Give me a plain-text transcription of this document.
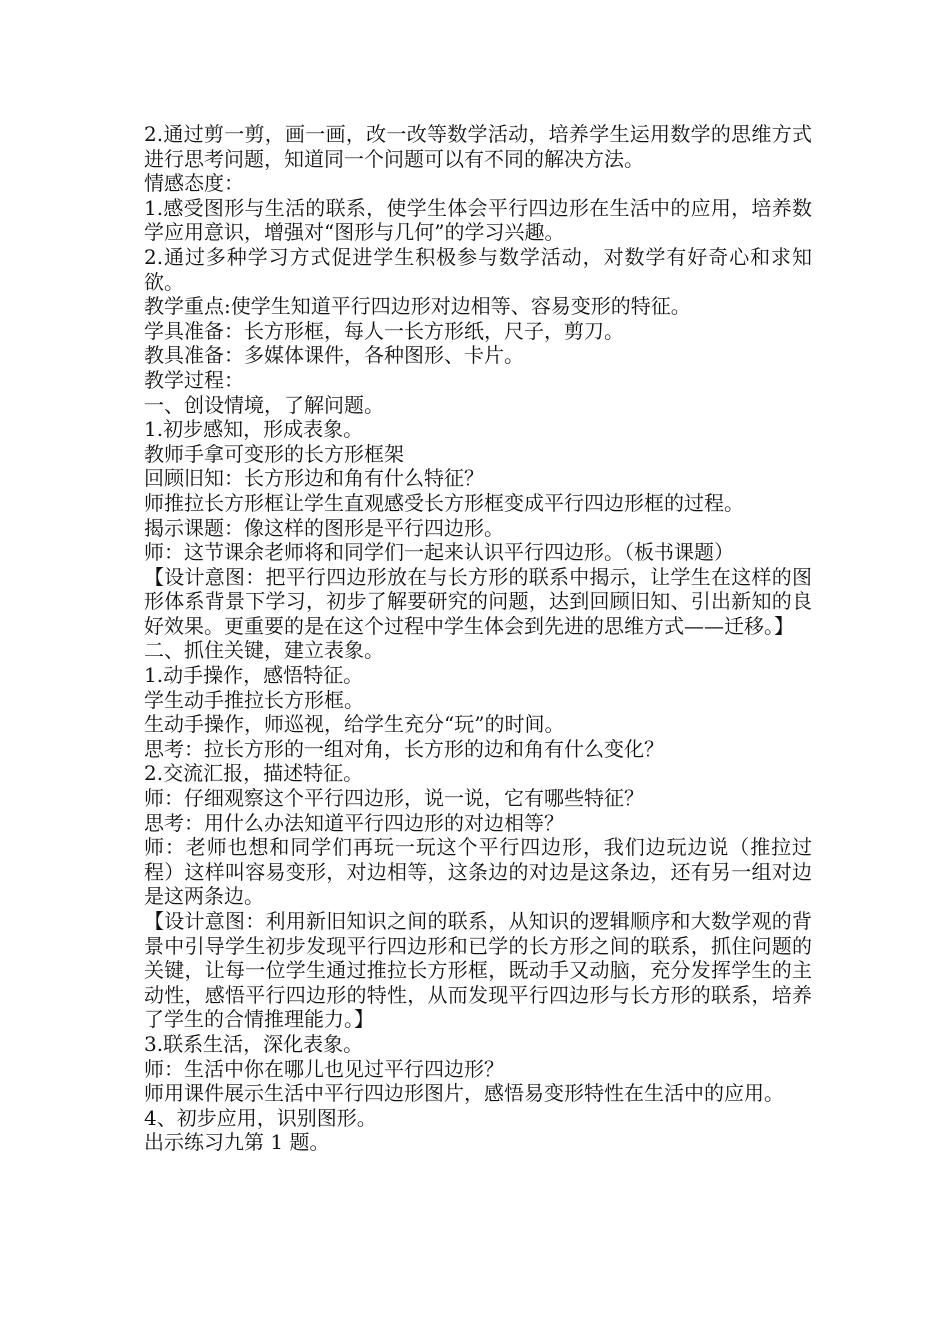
2.通过剪一剪，画一画，改一改等数学活动，培养学生运用数学的思维方式进行思考问题，知道同一个问题可以有不同的解决方法。

情感态度：

1.感受图形与生活的联系，使学生体会平行四边形在生活中的应用，培养数学应用意识，增强对“图形与几何”的学习兴趣。

2.通过多种学习方式促进学生积极参与数学活动，对数学有好奇心和求知欲。

教学重点:使学生知道平行四边形对边相等、容易变形的特征。

学具准备：长方形框，每人一长方形纸，尺子，剪刀。

教具准备：多媒体课件，各种图形、卡片。

教学过程：

一、创设情境，了解问题。

1.初步感知，形成表象。

教师手拿可变形的长方形框架

回顾旧知：长方形边和角有什么特征？

师推拉长方形框让学生直观感受长方形框变成平行四边形框的过程。

揭示课题：像这样的图形是平行四边形。

师：这节课余老师将和同学们一起来认识平行四边形。（板书课题）

【设计意图：把平行四边形放在与长方形的联系中揭示，让学生在这样的图形体系背景下学习，初步了解要研究的问题，达到回顾旧知、引出新知的良好效果。更重要的是在这个过程中学生体会到先进的思维方式——迁移。】

二、抓住关键，建立表象。

1.动手操作，感悟特征。

学生动手推拉长方形框。

生动手操作，师巡视，给学生充分“玩”的时间。

思考：拉长方形的一组对角，长方形的边和角有什么变化？

2.交流汇报，描述特征。

师：仔细观察这个平行四边形，说一说，它有哪些特征？

思考：用什么办法知道平行四边形的对边相等？

师：老师也想和同学们再玩一玩这个平行四边形，我们边玩边说（推拉过程）这样叫容易变形，对边相等，这条边的对边是这条边，还有另一组对边是这两条边。

【设计意图：利用新旧知识之间的联系，从知识的逻辑顺序和大数学观的背景中引导学生初步发现平行四边形和已学的长方形之间的联系，抓住问题的关键，让每一位学生通过推拉长方形框，既动手又动脑，充分发挥学生的主动性，感悟平行四边形的特性，从而发现平行四边形与长方形的联系，培养了学生的合情推理能力。】

3.联系生活，深化表象。

师：生活中你在哪儿也见过平行四边形？

师用课件展示生活中平行四边形图片，感悟易变形特性在生活中的应用。

4、初步应用，识别图形。

出示练习九第 1 题。
